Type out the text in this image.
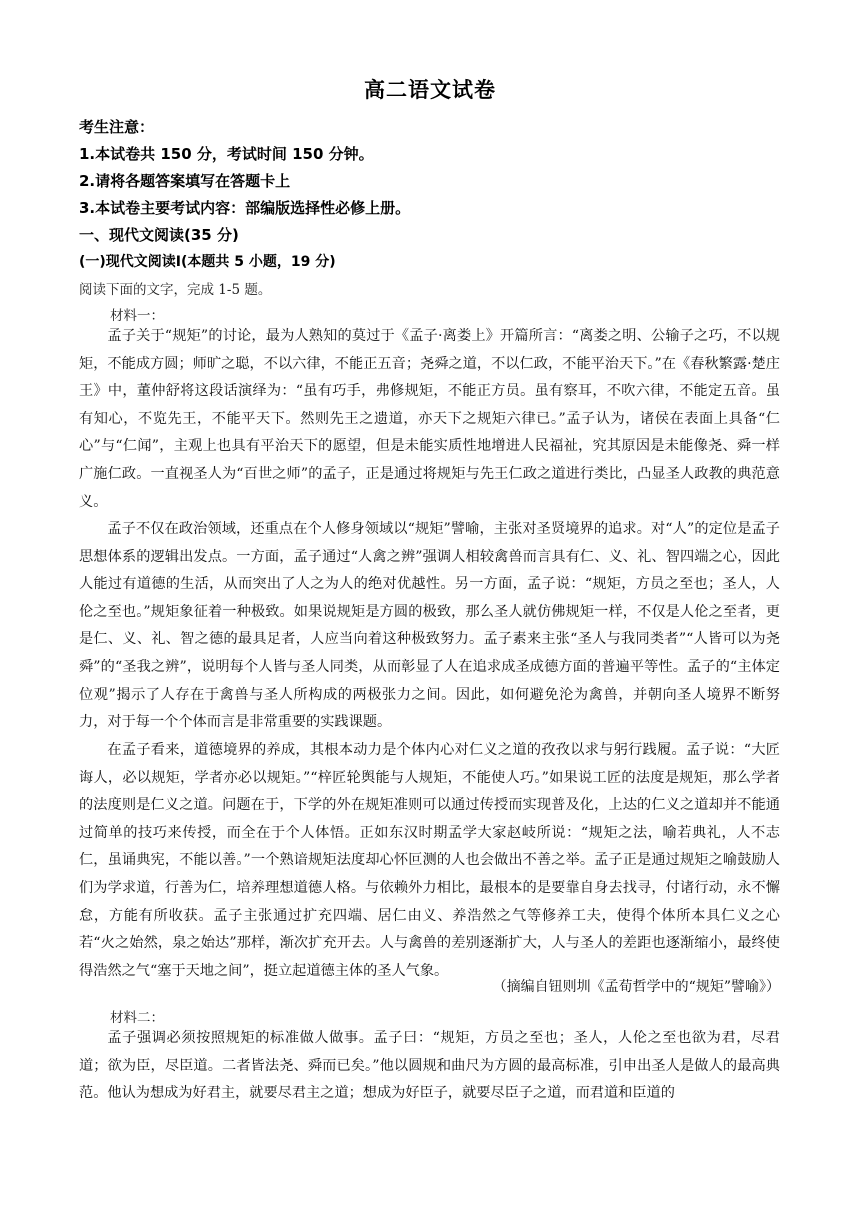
高二语文试卷
考生注意：
1.本试卷共 150 分，考试时间 150 分钟。
2.请将各题答案填写在答题卡上
3.本试卷主要考试内容：部编版选择性必修上册。
一、现代文阅读(35 分)
(一)现代文阅读Ⅰ(本题共 5 小题，19 分)
阅读下面的文字，完成 1-5 题。
材料一：

孟子关于“规矩”的讨论，最为人熟知的莫过于《孟子·离娄上》开篇所言：“离娄之明、公输子之巧，不以规矩，不能成方圆；师旷之聪，不以六律，不能正五音；尧舜之道，不以仁政，不能平治天下。”在《春秋繁露·楚庄王》中，董仲舒将这段话演绎为：“虽有巧手，弗修规矩，不能正方员。虽有察耳，不吹六律，不能定五音。虽有知心，不览先王，不能平天下。然则先王之遗道，亦天下之规矩六律已。”孟子认为，诸侯在表面上具备“仁心”与“仁闻”，主观上也具有平治天下的愿望，但是未能实质性地增进人民福祉，究其原因是未能像尧、舜一样广施仁政。一直视圣人为“百世之师”的孟子，正是通过将规矩与先王仁政之道进行类比，凸显圣人政教的典范意义。

孟子不仅在政治领域，还重点在个人修身领域以“规矩”譬喻，主张对圣贤境界的追求。对“人”的定位是孟子思想体系的逻辑出发点。一方面，孟子通过“人禽之辨”强调人相较禽兽而言具有仁、义、礼、智四端之心，因此人能过有道德的生活，从而突出了人之为人的绝对优越性。另一方面，孟子说：“规矩，方员之至也；圣人，人伦之至也。”规矩象征着一种极致。如果说规矩是方圆的极致，那么圣人就仿佛规矩一样，不仅是人伦之至者，更是仁、义、礼、智之德的最具足者，人应当向着这种极致努力。孟子素来主张“圣人与我同类者”“人皆可以为尧舜”的“圣我之辨”，说明每个人皆与圣人同类，从而彰显了人在追求成圣成德方面的普遍平等性。孟子的“主体定位观”揭示了人存在于禽兽与圣人所构成的两极张力之间。因此，如何避免沦为禽兽，并朝向圣人境界不断努力，对于每一个个体而言是非常重要的实践课题。

在孟子看来，道德境界的养成，其根本动力是个体内心对仁义之道的孜孜以求与躬行践履。孟子说：“大匠诲人，必以规矩，学者亦必以规矩。”“梓匠轮舆能与人规矩，不能使人巧。”如果说工匠的法度是规矩，那么学者的法度则是仁义之道。问题在于，下学的外在规矩准则可以通过传授而实现普及化，上达的仁义之道却并不能通过简单的技巧来传授，而全在于个人体悟。正如东汉时期孟学大家赵岐所说：“规矩之法，喻若典礼，人不志仁，虽诵典宪，不能以善。”一个熟谙规矩法度却心怀叵测的人也会做出不善之举。孟子正是通过规矩之喻鼓励人们为学求道，行善为仁，培养理想道德人格。与依赖外力相比，最根本的是要靠自身去找寻，付诸行动，永不懈怠，方能有所收获。孟子主张通过扩充四端、居仁由义、养浩然之气等修养工夫，使得个体所本具仁义之心若“火之始然，泉之始达”那样，渐次扩充开去。人与禽兽的差别逐渐扩大，人与圣人的差距也逐渐缩小，最终使得浩然之气“塞于天地之间”，挺立起道德主体的圣人气象。

（摘编自钮则圳《孟荀哲学中的“规矩”譬喻》）
材料二：

孟子强调必须按照规矩的标准做人做事。孟子曰：“规矩，方员之至也；圣人，人伦之至也欲为君，尽君道；欲为臣，尽臣道。二者皆法尧、舜而已矣。”他以圆规和曲尺为方圆的最高标准，引申出圣人是做人的最高典范。他认为想成为好君主，就要尽君主之道；想成为好臣子，就要尽臣子之道，而君道和臣道的
